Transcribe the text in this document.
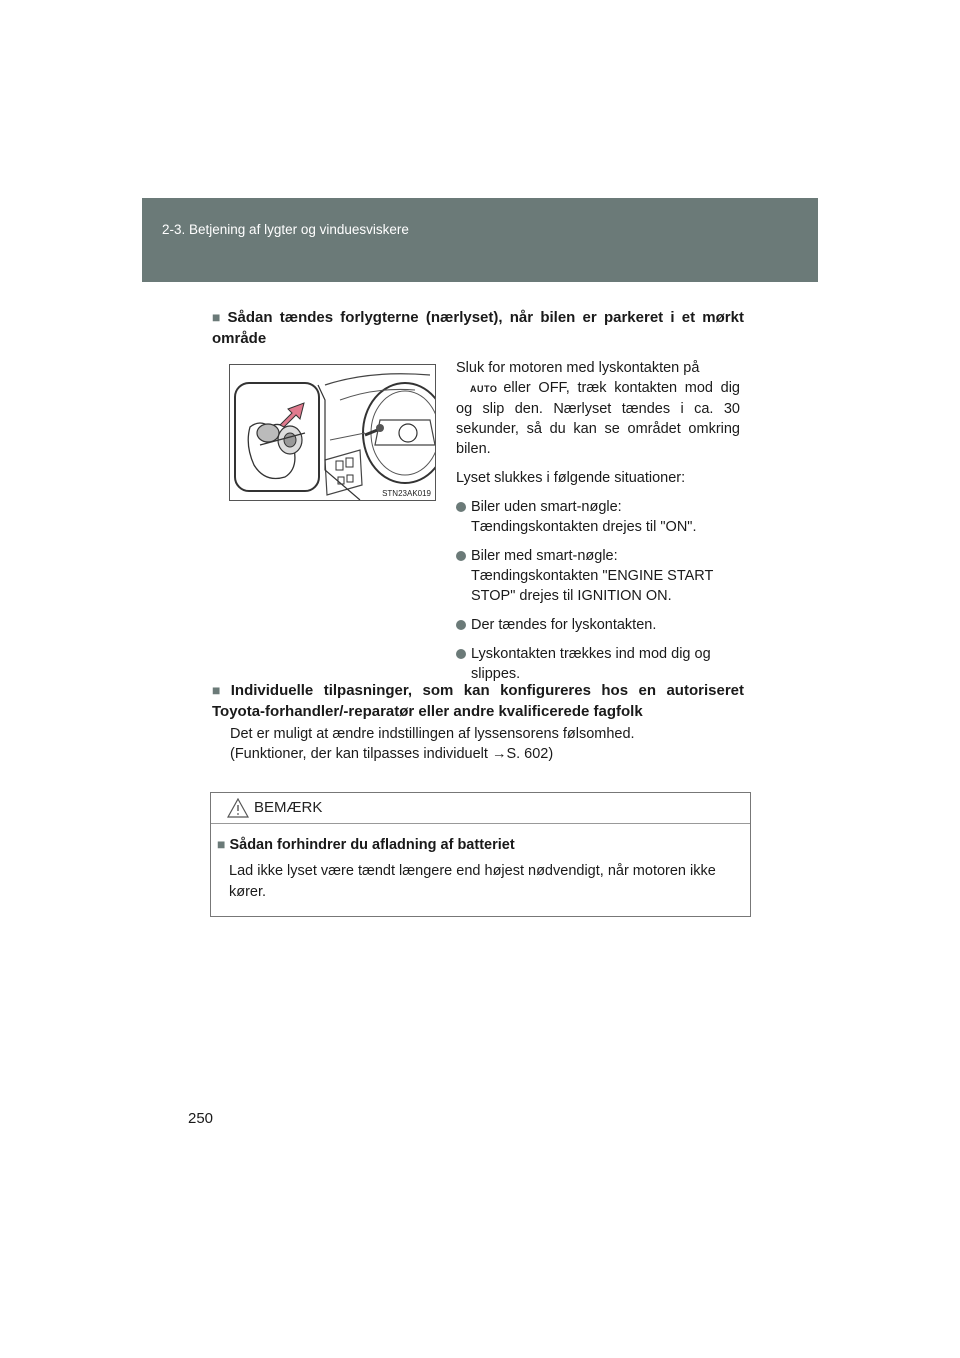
2-3. Betjening af lygter og vinduesviskere
■ Sådan tændes forlygterne (nærlyset), når bilen er parkeret i et mørkt område
STN23AK019

Sluk for motoren med lyskontakten på
AUTO eller OFF, træk kontakten mod dig og slip den. Nærlyset tændes i ca. 30 sekunder, så du kan se området omkring bilen.

Lyset slukkes i følgende situationer:

Biler uden smart-nøgle: Tændingskontakten drejes til "ON".
Biler med smart-nøgle: Tændingskontakten "ENGINE START STOP" drejes til IGNITION ON.
Der tændes for lyskontakten.
Lyskontakten trækkes ind mod dig og slippes.
■ Individuelle tilpasninger, som kan konfigureres hos en autoriseret Toyota-forhandler/-reparatør eller andre kvalificerede fagfolk
Det er muligt at ændre indstillingen af lyssensorens følsomhed.
(Funktioner, der kan tilpasses individuelt →S. 602)
BEMÆRK
■ Sådan forhindrer du afladning af batteriet
Lad ikke lyset være tændt længere end højest nødvendigt, når motoren ikke kører.
250
